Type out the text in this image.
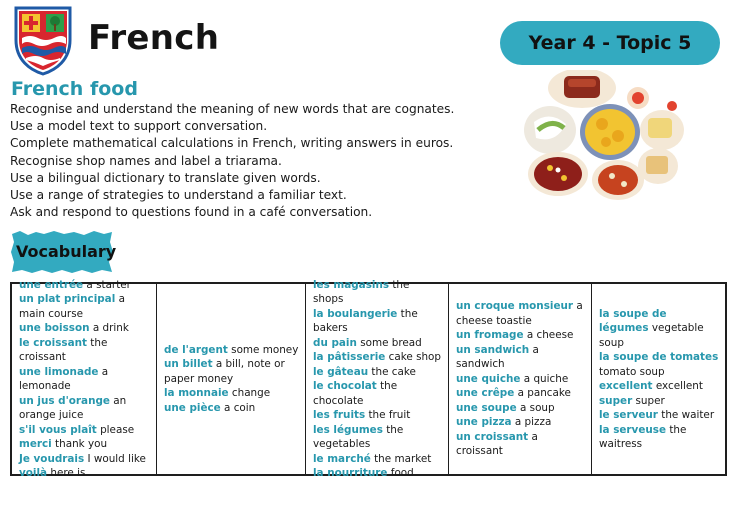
French	Year 4 - Topic 5
French food
Recognise and understand the meaning of new words that are cognates.
Use a model text to support conversation.
Complete mathematical calculations in French, writing answers in euros.
Recognise shop names and label a triarama.
Use a bilingual dictionary to translate given words.
Use a range of strategies to understand a familiar text.
Ask and respond to questions found in a café conversation.
Vocabulary
une entrée a starter
un plat principal a main course
une boisson a drink
le croissant the croissant
une limonade a lemonade
un jus d'orange an orange juice
s'il vous plaît please
merci thank you
Je voudrais I would like
voilà here is
de l'argent some money
un billet a bill, note or paper money
la monnaie change
une pièce a coin
les magasins the shops
la boulangerie the bakers
du pain some bread
la pâtisserie cake shop
le gâteau the cake
le chocolat the chocolate
les fruits the fruit
les légumes the vegetables
le marché the market
la nourriture food
un croque monsieur a cheese toastie
un fromage a cheese
un sandwich a sandwich
une quiche a quiche
une crêpe a pancake
une soupe a soup
une pizza a pizza
un croissant a croissant
la soupe de légumes vegetable soup
la soupe de tomates tomato soup
excellent excellent
super super
le serveur the waiter
la serveuse the waitress
